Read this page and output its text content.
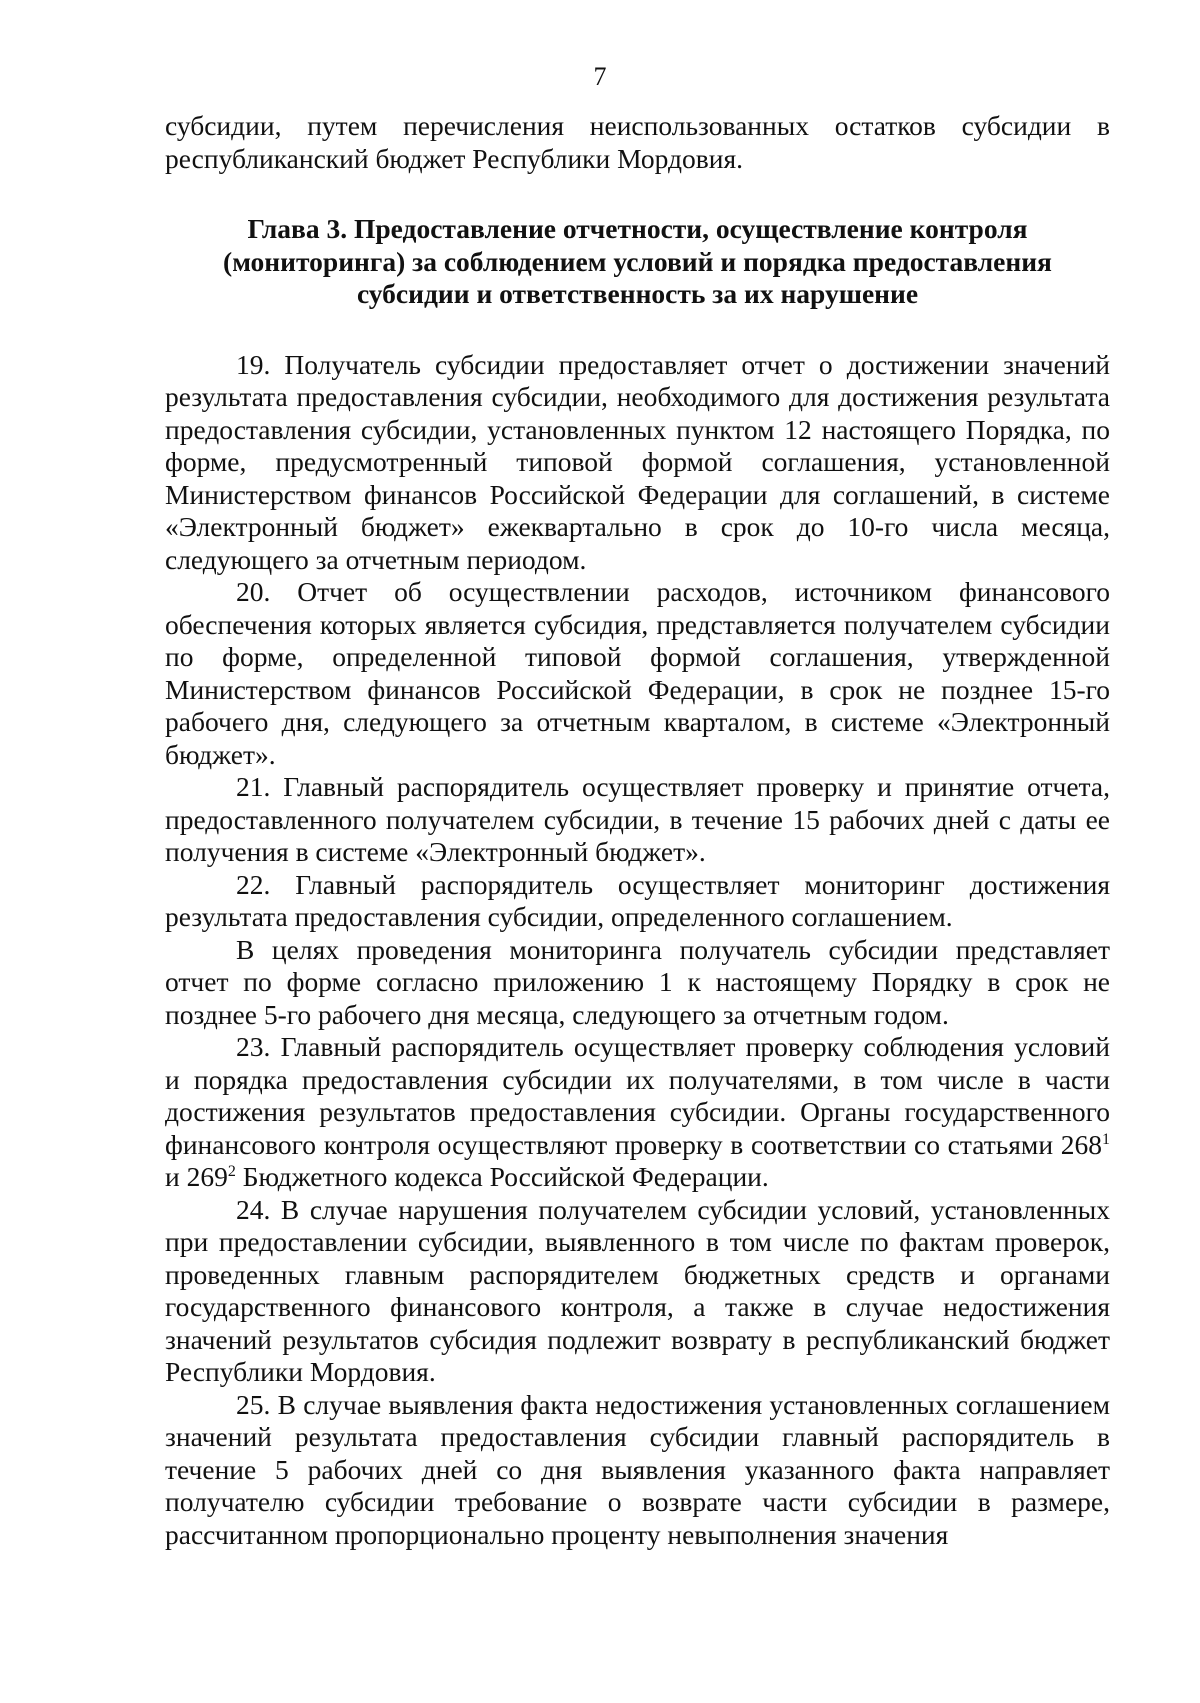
7

субсидии, путем перечисления неиспользованных остатков субсидии в республиканский бюджет Республики Мордовия.

Глава 3. Предоставление отчетности, осуществление контроля (мониторинга) за соблюдением условий и порядка предоставления субсидии и ответственность за их нарушение

19. Получатель субсидии предоставляет отчет о достижении значений результата предоставления субсидии, необходимого для достижения результата предоставления субсидии, установленных пунктом 12 настоящего Порядка, по форме, предусмотренный типовой формой соглашения, установленной Министерством финансов Российской Федерации для соглашений, в системе «Электронный бюджет» ежеквартально в срок до 10-го числа месяца, следующего за отчетным периодом.

20. Отчет об осуществлении расходов, источником финансового обеспечения которых является субсидия, представляется получателем субсидии по форме, определенной типовой формой соглашения, утвержденной Министерством финансов Российской Федерации, в срок не позднее 15-го рабочего дня, следующего за отчетным кварталом, в системе «Электронный бюджет».

21. Главный распорядитель осуществляет проверку и принятие отчета, предоставленного получателем субсидии, в течение 15 рабочих дней с даты ее получения в системе «Электронный бюджет».

22. Главный распорядитель осуществляет мониторинг достижения результата предоставления субсидии, определенного соглашением.

В целях проведения мониторинга получатель субсидии представляет отчет по форме согласно приложению 1 к настоящему Порядку в срок не позднее 5-го рабочего дня месяца, следующего за отчетным годом.

23. Главный распорядитель осуществляет проверку соблюдения условий и порядка предоставления субсидии их получателями, в том числе в части достижения результатов предоставления субсидии. Органы государственного финансового контроля осуществляют проверку в соответствии со статьями $268^1$ и $269^2$ Бюджетного кодекса Российской Федерации.

24. В случае нарушения получателем субсидии условий, установленных при предоставлении субсидии, выявленного в том числе по фактам проверок, проведенных главным распорядителем бюджетных средств и органами государственного финансового контроля, а также в случае недостижения значений результатов субсидия подлежит возврату в республиканский бюджет Республики Мордовия.

25. В случае выявления факта недостижения установленных соглашением значений результата предоставления субсидии главный распорядитель в течение 5 рабочих дней со дня выявления указанного факта направляет получателю субсидии требование о возврате части субсидии в размере, рассчитанном пропорционально проценту невыполнения значения
